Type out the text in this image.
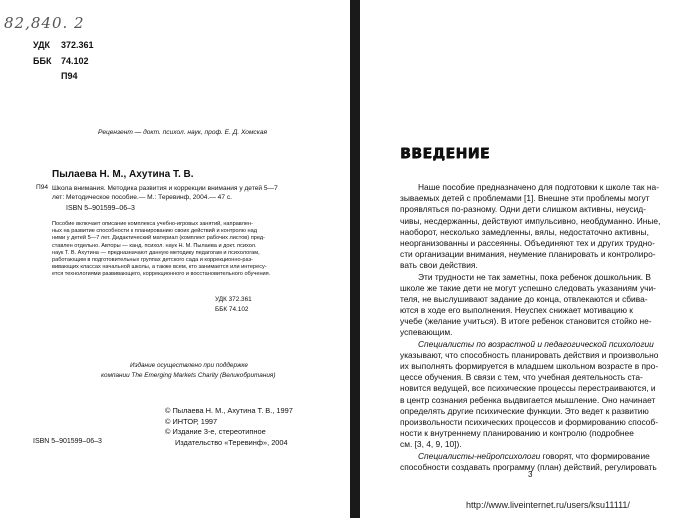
82,840. 2
УДК 372.361
ББК 74.102
П94
Рецензент — докт. психол. наук, проф. Е. Д. Хомская
Пылаева Н. М., Ахутина Т. В.
П94 Школа внимания. Методика развития и коррекции внимания у детей 5—7
лет: Методическое пособие.— М.: Теревинф, 2004.— 47 с.
ISBN 5–901599–06–3
Пособие включает описание комплекса учебно-игровых занятий, направлен-
ных на развитие способности к планированию своих действий и контролю над
ними у детей 5—7 лет. Дидактический материал (комплект рабочих листов) пред-
ставлен отдельно. Авторы — канд. психол. наук Н. М. Пылаева и докт. психол.
наук Т. В. Ахутина — предназначают данную методику педагогам и психологам,
работающим в подготовительных группах детского сада и коррекционно-раз-
вивающих классах начальной школы, а также всем, кто занимается или интересу-
ется технологиями развивающего, коррекционного и восстановительного обучения.
УДК 372.361
ББК 74.102
Издание осуществлено при поддержке
компании The Emerging Markets Charity (Великобритания)
© Пылаева Н. М., Ахутина Т. В., 1997
© ИНТОР, 1997
© Издание 3-е, стереотипное
Издательство «Теревинф», 2004
ISBN 5–901599–06–3
ВВЕДЕНИЕ
Наше пособие предназначено для подготовки к школе так на-
зываемых детей с проблемами [1]. Внешне эти проблемы могут
проявляться по-разному. Одни дети слишком активны, неусид-
чивы, несдержанны, действуют импульсивно, необдуманно. Иные,
наоборот, несколько замедленны, вялы, недостаточно активны,
неорганизованны и рассеянны. Объединяют тех и других трудно-
сти организации внимания, неумение планировать и контролиро-
вать свои действия.
Эти трудности не так заметны, пока ребенок дошкольник. В
школе же такие дети не могут успешно следовать указаниям учи-
теля, не выслушивают задание до конца, отвлекаются и сбива-
ются в ходе его выполнения. Неуспех снижает мотивацию к
учебе (желание учиться). В итоге ребенок становится стойко не-
успевающим.
Специалисты по возрастной и педагогической психологии
указывают, что способность планировать действия и произвольно
их выполнять формируется в младшем школьном возрасте в про-
цессе обучения. В связи с тем, что учебная деятельность ста-
новится ведущей, все психические процессы перестраиваются, и
в центр сознания ребенка выдвигается мышление. Оно начинает
определять другие психические функции. Это ведет к развитию
произвольности психических процессов и формированию способ-
ности к внутреннему планированию и контролю (подробнее
см. [3, 4, 9, 10]).
Специалисты-нейропсихологи говорят, что формирование
способности создавать программу (план) действий, регулировать
3
http://www.liveinternet.ru/users/ksu11111/
